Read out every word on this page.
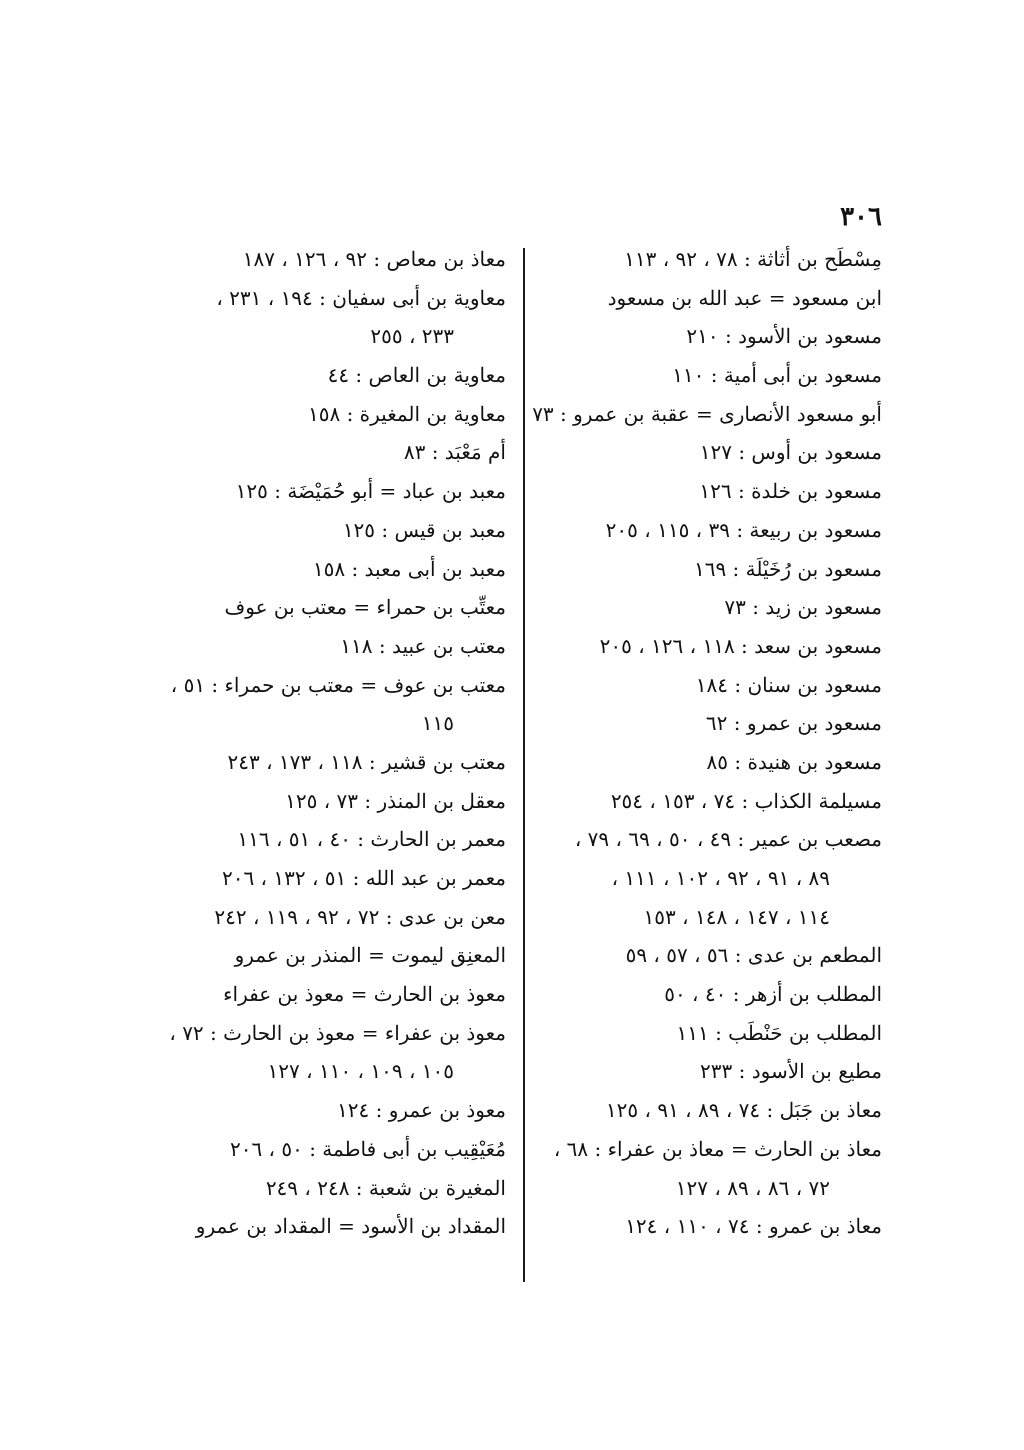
٣٠٦
مِسْطَح بن أثاثة : ٧٨ ، ٩٢ ، ١١٣
ابن مسعود = عبد الله بن مسعود
مسعود بن الأسود : ٢١٠
مسعود بن أبى أمية : ١١٠
أبو مسعود الأنصارى = عقبة بن عمرو : ٧٣
مسعود بن أوس : ١٢٧
مسعود بن خلدة : ١٢٦
مسعود بن ربيعة : ٣٩ ، ١١٥ ، ٢٠٥
مسعود بن رُخَيْلَة : ١٦٩
مسعود بن زيد : ٧٣
مسعود بن سعد : ١١٨ ، ١٢٦ ، ٢٠٥
مسعود بن سنان : ١٨٤
مسعود بن عمرو : ٦٢
مسعود بن هنيدة : ٨٥
مسيلمة الكذاب : ٧٤ ، ١٥٣ ، ٢٥٤
مصعب بن عمير : ٤٩ ، ٥٠ ، ٦٩ ، ٧٩ ،
٨٩ ، ٩١ ، ٩٢ ، ١٠٢ ، ١١١ ،
١١٤ ، ١٤٧ ، ١٤٨ ، ١٥٣
المطعم بن عدى : ٥٦ ، ٥٧ ، ٥٩
المطلب بن أزهر : ٤٠ ، ٥٠
المطلب بن حَنْطَب : ١١١
مطيع بن الأسود : ٢٣٣
معاذ بن جَبَل : ٧٤ ، ٨٩ ، ٩١ ، ١٢٥
معاذ بن الحارث = معاذ بن عفراء : ٦٨ ،
٧٢ ، ٨٦ ، ٨٩ ، ١٢٧
معاذ بن عمرو : ٧٤ ، ١١٠ ، ١٢٤
معاذ بن معاص : ٩٢ ، ١٢٦ ، ١٨٧
معاوية بن أبى سفيان : ١٩٤ ، ٢٣١ ،
٢٣٣ ، ٢٥٥
معاوية بن العاص : ٤٤
معاوية بن المغيرة : ١٥٨
أم مَعْبَد : ٨٣
معبد بن عباد = أبو حُمَيْضَة : ١٢٥
معبد بن قيس : ١٢٥
معبد بن أبى معبد : ١٥٨
معتِّب بن حمراء = معتب بن عوف
معتب بن عبيد : ١١٨
معتب بن عوف = معتب بن حمراء : ٥١ ،
١١٥
معتب بن قشير : ١١٨ ، ١٧٣ ، ٢٤٣
معقل بن المنذر : ٧٣ ، ١٢٥
معمر بن الحارث : ٤٠ ، ٥١ ، ١١٦
معمر بن عبد الله : ٥١ ، ١٣٢ ، ٢٠٦
معن بن عدى : ٧٢ ، ٩٢ ، ١١٩ ، ٢٤٢
المعنِق ليموت = المنذر بن عمرو
معوذ بن الحارث = معوذ بن عفراء
معوذ بن عفراء = معوذ بن الحارث : ٧٢ ،
١٠٥ ، ١٠٩ ، ١١٠ ، ١٢٧
معوذ بن عمرو : ١٢٤
مُعَيْقِيب بن أبى فاطمة : ٥٠ ، ٢٠٦
المغيرة بن شعبة : ٢٤٨ ، ٢٤٩
المقداد بن الأسود = المقداد بن عمرو
